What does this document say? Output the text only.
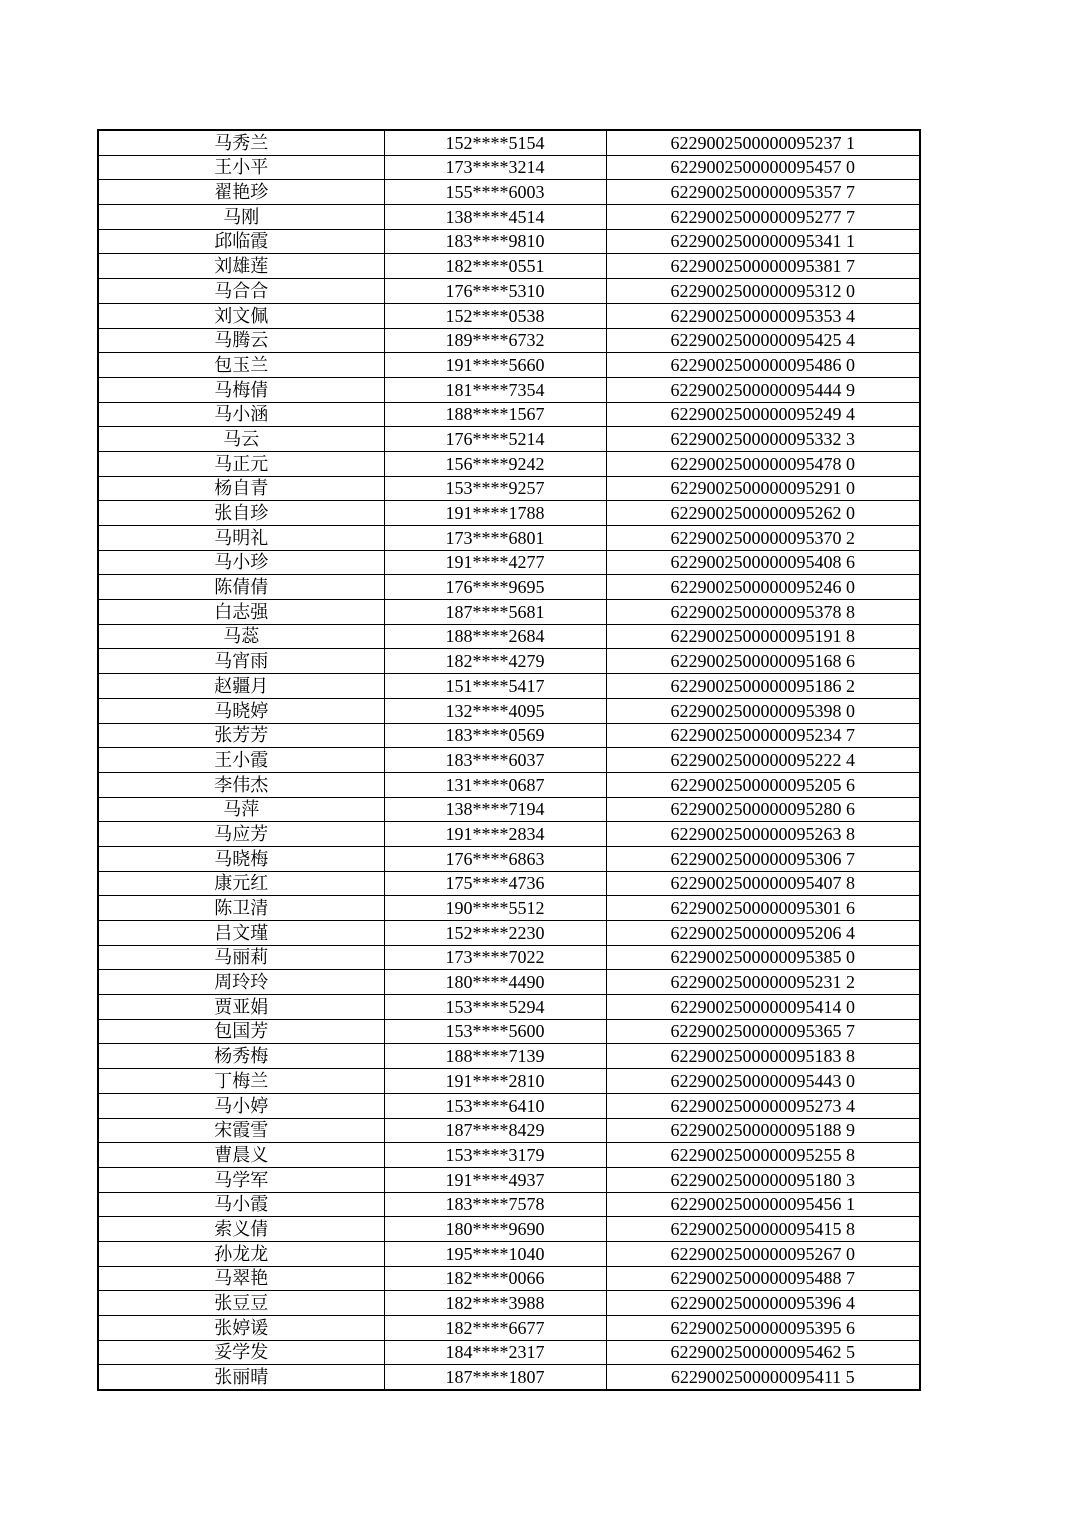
马秀兰	152****5154	6229002500000095237 1
王小平	173****3214	6229002500000095457 0
翟艳珍	155****6003	6229002500000095357 7
马刚	138****4514	6229002500000095277 7
邱临霞	183****9810	6229002500000095341 1
刘雄莲	182****0551	6229002500000095381 7
马合合	176****5310	6229002500000095312 0
刘文佩	152****0538	6229002500000095353 4
马腾云	189****6732	6229002500000095425 4
包玉兰	191****5660	6229002500000095486 0
马梅倩	181****7354	6229002500000095444 9
马小涵	188****1567	6229002500000095249 4
马云	176****5214	6229002500000095332 3
马正元	156****9242	6229002500000095478 0
杨自青	153****9257	6229002500000095291 0
张自珍	191****1788	6229002500000095262 0
马明礼	173****6801	6229002500000095370 2
马小珍	191****4277	6229002500000095408 6
陈倩倩	176****9695	6229002500000095246 0
白志强	187****5681	6229002500000095378 8
马蕊	188****2684	6229002500000095191 8
马宵雨	182****4279	6229002500000095168 6
赵疆月	151****5417	6229002500000095186 2
马晓婷	132****4095	6229002500000095398 0
张芳芳	183****0569	6229002500000095234 7
王小霞	183****6037	6229002500000095222 4
李伟杰	131****0687	6229002500000095205 6
马萍	138****7194	6229002500000095280 6
马应芳	191****2834	6229002500000095263 8
马晓梅	176****6863	6229002500000095306 7
康元红	175****4736	6229002500000095407 8
陈卫清	190****5512	6229002500000095301 6
吕文瑾	152****2230	6229002500000095206 4
马丽莉	173****7022	6229002500000095385 0
周玲玲	180****4490	6229002500000095231 2
贾亚娟	153****5294	6229002500000095414 0
包国芳	153****5600	6229002500000095365 7
杨秀梅	188****7139	6229002500000095183 8
丁梅兰	191****2810	6229002500000095443 0
马小婷	153****6410	6229002500000095273 4
宋霞雪	187****8429	6229002500000095188 9
曹晨义	153****3179	6229002500000095255 8
马学军	191****4937	6229002500000095180 3
马小霞	183****7578	6229002500000095456 1
索义倩	180****9690	6229002500000095415 8
孙龙龙	195****1040	6229002500000095267 0
马翠艳	182****0066	6229002500000095488 7
张豆豆	182****3988	6229002500000095396 4
张婷谖	182****6677	6229002500000095395 6
妥学发	184****2317	6229002500000095462 5
张丽晴	187****1807	6229002500000095411 5
